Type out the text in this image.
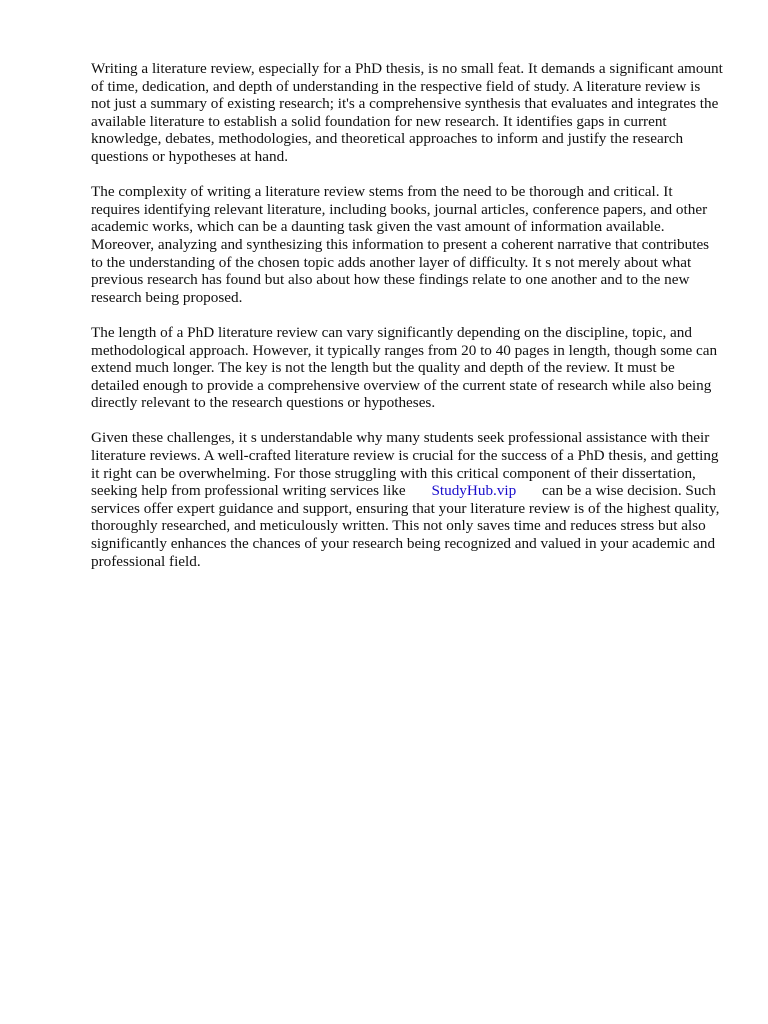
Writing a literature review, especially for a PhD thesis, is no small feat. It demands a significant amount of time, dedication, and depth of understanding in the respective field of study. A literature review is not just a summary of existing research; it's a comprehensive synthesis that evaluates and integrates the available literature to establish a solid foundation for new research. It identifies gaps in current knowledge, debates, methodologies, and theoretical approaches to inform and justify the research questions or hypotheses at hand.

The complexity of writing a literature review stems from the need to be thorough and critical. It requires identifying relevant literature, including books, journal articles, conference papers, and other academic works, which can be a daunting task given the vast amount of information available. Moreover, analyzing and synthesizing this information to present a coherent narrative that contributes to the understanding of the chosen topic adds another layer of difficulty. It s not merely about what previous research has found but also about how these findings relate to one another and to the new research being proposed.

The length of a PhD literature review can vary significantly depending on the discipline, topic, and methodological approach. However, it typically ranges from 20 to 40 pages in length, though some can extend much longer. The key is not the length but the quality and depth of the review. It must be detailed enough to provide a comprehensive overview of the current state of research while also being directly relevant to the research questions or hypotheses.

Given these challenges, it s understandable why many students seek professional assistance with their literature reviews. A well-crafted literature review is crucial for the success of a PhD thesis, and getting it right can be overwhelming. For those struggling with this critical component of their dissertation, seeking help from professional writing services like StudyHub.vip can be a wise decision. Such services offer expert guidance and support, ensuring that your literature review is of the highest quality, thoroughly researched, and meticulously written. This not only saves time and reduces stress but also significantly enhances the chances of your research being recognized and valued in your academic and professional field.
